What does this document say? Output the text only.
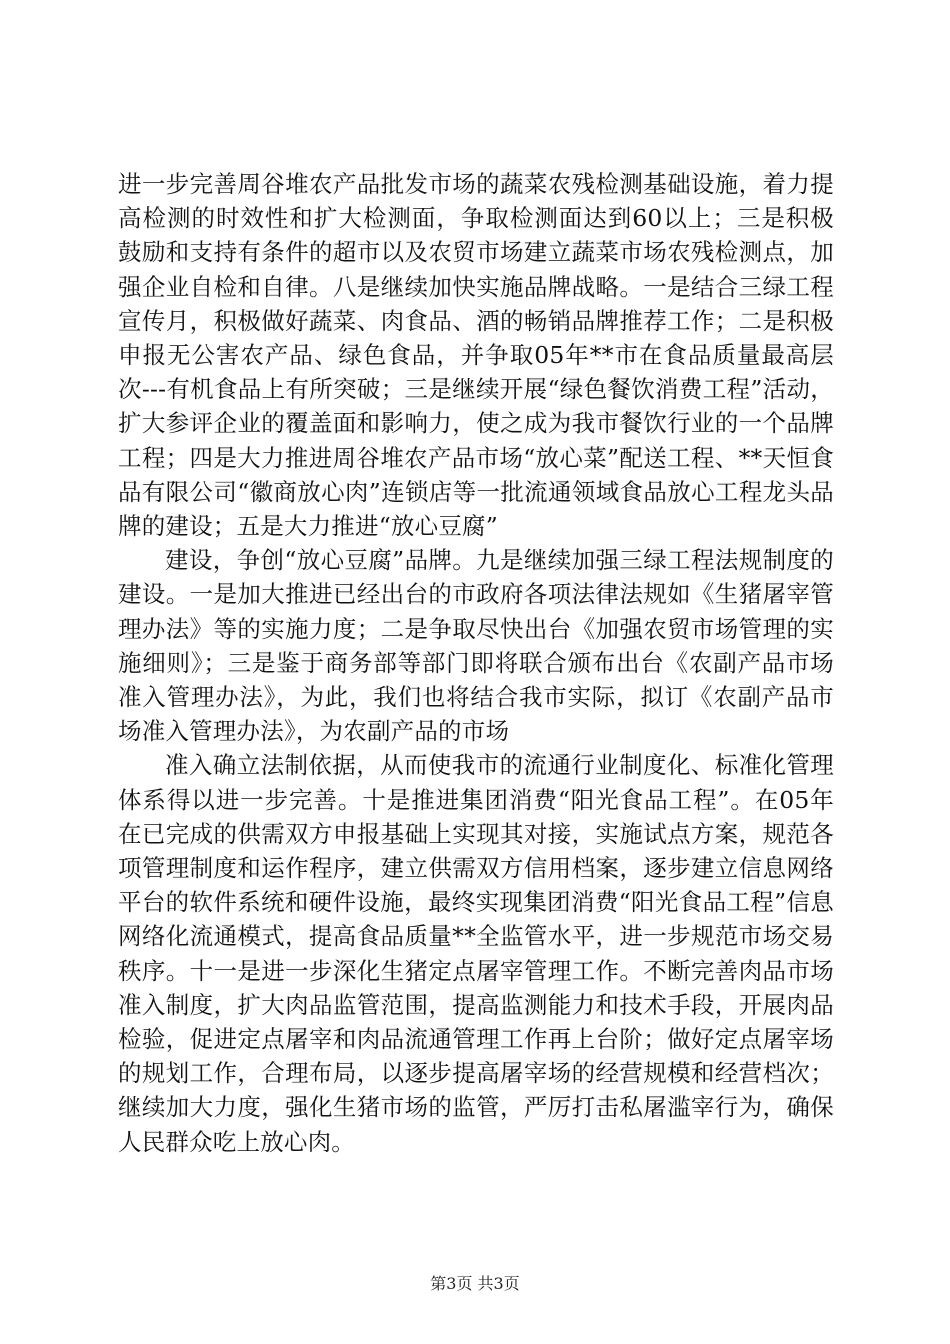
进一步完善周谷堆农产品批发市场的蔬菜农残检测基础设施，着力提高检测的时效性和扩大检测面，争取检测面达到60以上；三是积极鼓励和支持有条件的超市以及农贸市场建立蔬菜市场农残检测点，加强企业自检和自律。八是继续加快实施品牌战略。一是结合三绿工程宣传月，积极做好蔬菜、肉食品、酒的畅销品牌推荐工作；二是积极申报无公害农产品、绿色食品，并争取05年**市在食品质量最高层次---有机食品上有所突破；三是继续开展“绿色餐饮消费工程”活动，扩大参评企业的覆盖面和影响力，使之成为我市餐饮行业的一个品牌工程；四是大力推进周谷堆农产品市场“放心菜”配送工程、**天恒食品有限公司“徽商放心肉”连锁店等一批流通领域食品放心工程龙头品牌的建设；五是大力推进“放心豆腐”

建设，争创“放心豆腐”品牌。九是继续加强三绿工程法规制度的建设。一是加大推进已经出台的市政府各项法律法规如《生猪屠宰管理办法》等的实施力度；二是争取尽快出台《加强农贸市场管理的实施细则》；三是鉴于商务部等部门即将联合颁布出台《农副产品市场准入管理办法》，为此，我们也将结合我市实际，拟订《农副产品市场准入管理办法》，为农副产品的市场

准入确立法制依据，从而使我市的流通行业制度化、标准化管理体系得以进一步完善。十是推进集团消费“阳光食品工程”。在05年在已完成的供需双方申报基础上实现其对接，实施试点方案，规范各项管理制度和运作程序，建立供需双方信用档案，逐步建立信息网络平台的软件系统和硬件设施，最终实现集团消费“阳光食品工程”信息网络化流通模式，提高食品质量**全监管水平，进一步规范市场交易秩序。十一是进一步深化生猪定点屠宰管理工作。不断完善肉品市场准入制度，扩大肉品监管范围，提高监测能力和技术手段，开展肉品检验，促进定点屠宰和肉品流通管理工作再上台阶；做好定点屠宰场的规划工作，合理布局，以逐步提高屠宰场的经营规模和经营档次；继续加大力度，强化生猪市场的监管，严厉打击私屠滥宰行为，确保人民群众吃上放心肉。

第3页 共3页
